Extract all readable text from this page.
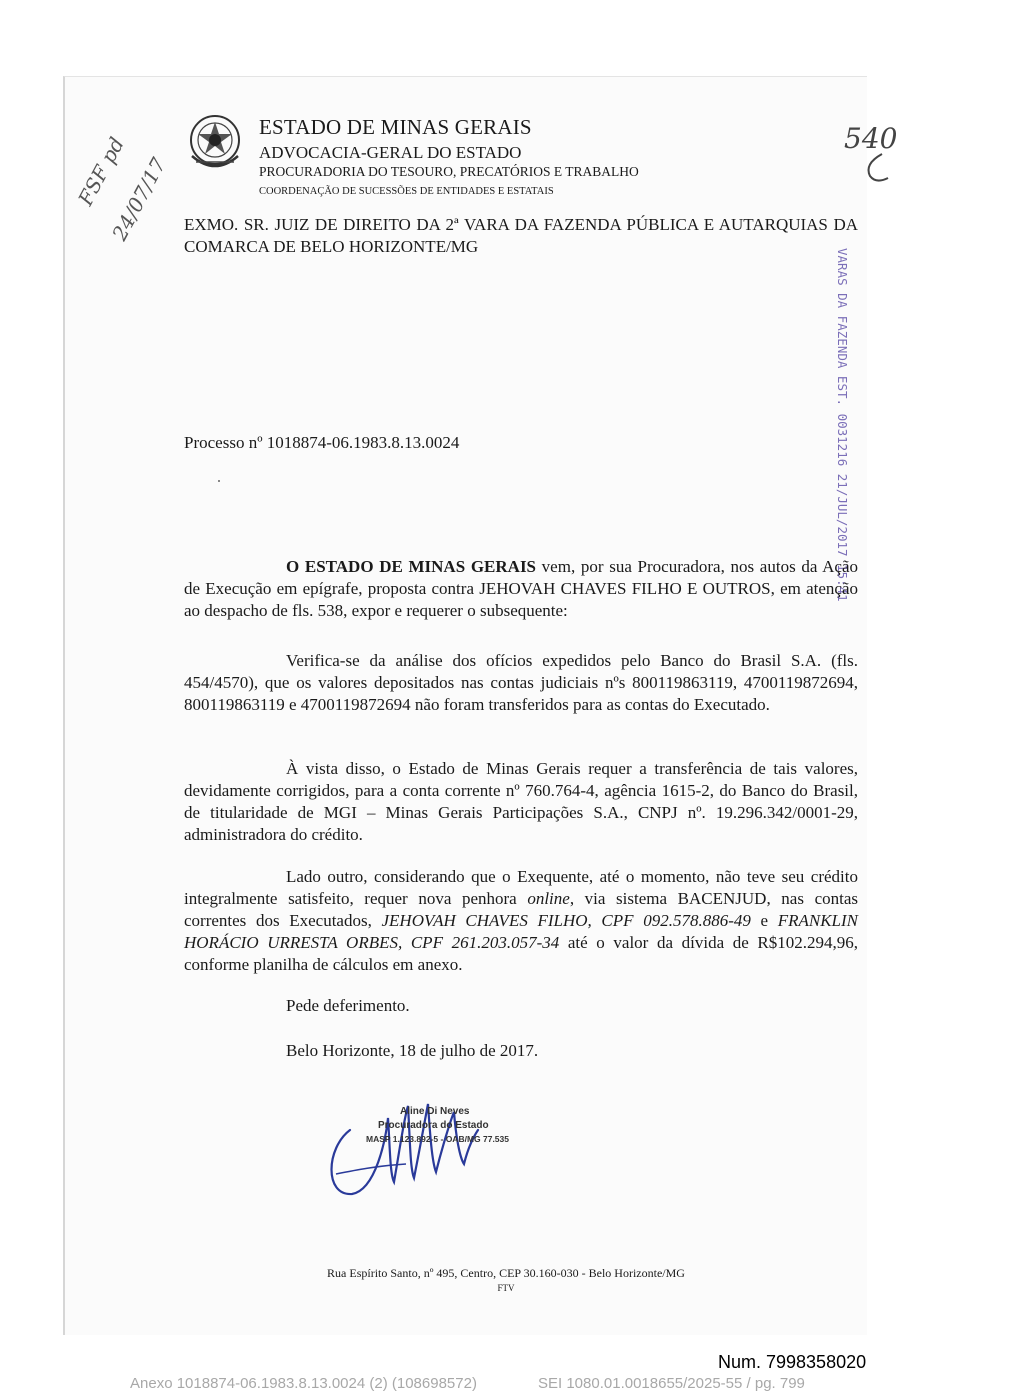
ESTADO DE MINAS GERAIS
ADVOCACIA-GERAL DO ESTADO
PROCURADORIA DO TESOURO, PRECATÓRIOS E TRABALHO
COORDENAÇÃO DE SUCESSÕES DE ENTIDADES E ESTATAIS
FSF pd
24/07/17
540
EXMO. SR. JUIZ DE DIREITO DA 2ª VARA DA FAZENDA PÚBLICA E AUTARQUIAS DA COMARCA DE BELO HORIZONTE/MG
VARAS DA FAZENDA EST. 0031216 21/JUL/2017 15:41
Processo nº 1018874-06.1983.8.13.0024
O ESTADO DE MINAS GERAIS vem, por sua Procuradora, nos autos da Ação de Execução em epígrafe, proposta contra JEHOVAH CHAVES FILHO E OUTROS, em atenção ao despacho de fls. 538, expor e requerer o subsequente:
Verifica-se da análise dos ofícios expedidos pelo Banco do Brasil S.A. (fls. 454/4570), que os valores depositados nas contas judiciais nºs 800119863119, 4700119872694, 800119863119 e 4700119872694 não foram transferidos para as contas do Executado.
À vista disso, o Estado de Minas Gerais requer a transferência de tais valores, devidamente corrigidos, para a conta corrente nº 760.764-4, agência 1615-2, do Banco do Brasil, de titularidade de MGI – Minas Gerais Participações S.A., CNPJ nº. 19.296.342/0001-29, administradora do crédito.
Lado outro, considerando que o Exequente, até o momento, não teve seu crédito integralmente satisfeito, requer nova penhora online, via sistema BACENJUD, nas contas correntes dos Executados, JEHOVAH CHAVES FILHO, CPF 092.578.886-49 e FRANKLIN HORÁCIO URRESTA ORBES, CPF 261.203.057-34 até o valor da dívida de R$102.294,96, conforme planilha de cálculos em anexo.
Pede deferimento.
Belo Horizonte, 18 de julho de 2017.
Aline Di Neves
Procuradora do Estado
MASP 1.123.892-5 - OAB/MG 77.535
Rua Espírito Santo, nº 495, Centro, CEP 30.160-030 - Belo Horizonte/MG
FTV
Num. 7998358020
Anexo 1018874-06.1983.8.13.0024 (2) (108698572)	SEI 1080.01.0018655/2025-55 / pg. 799
